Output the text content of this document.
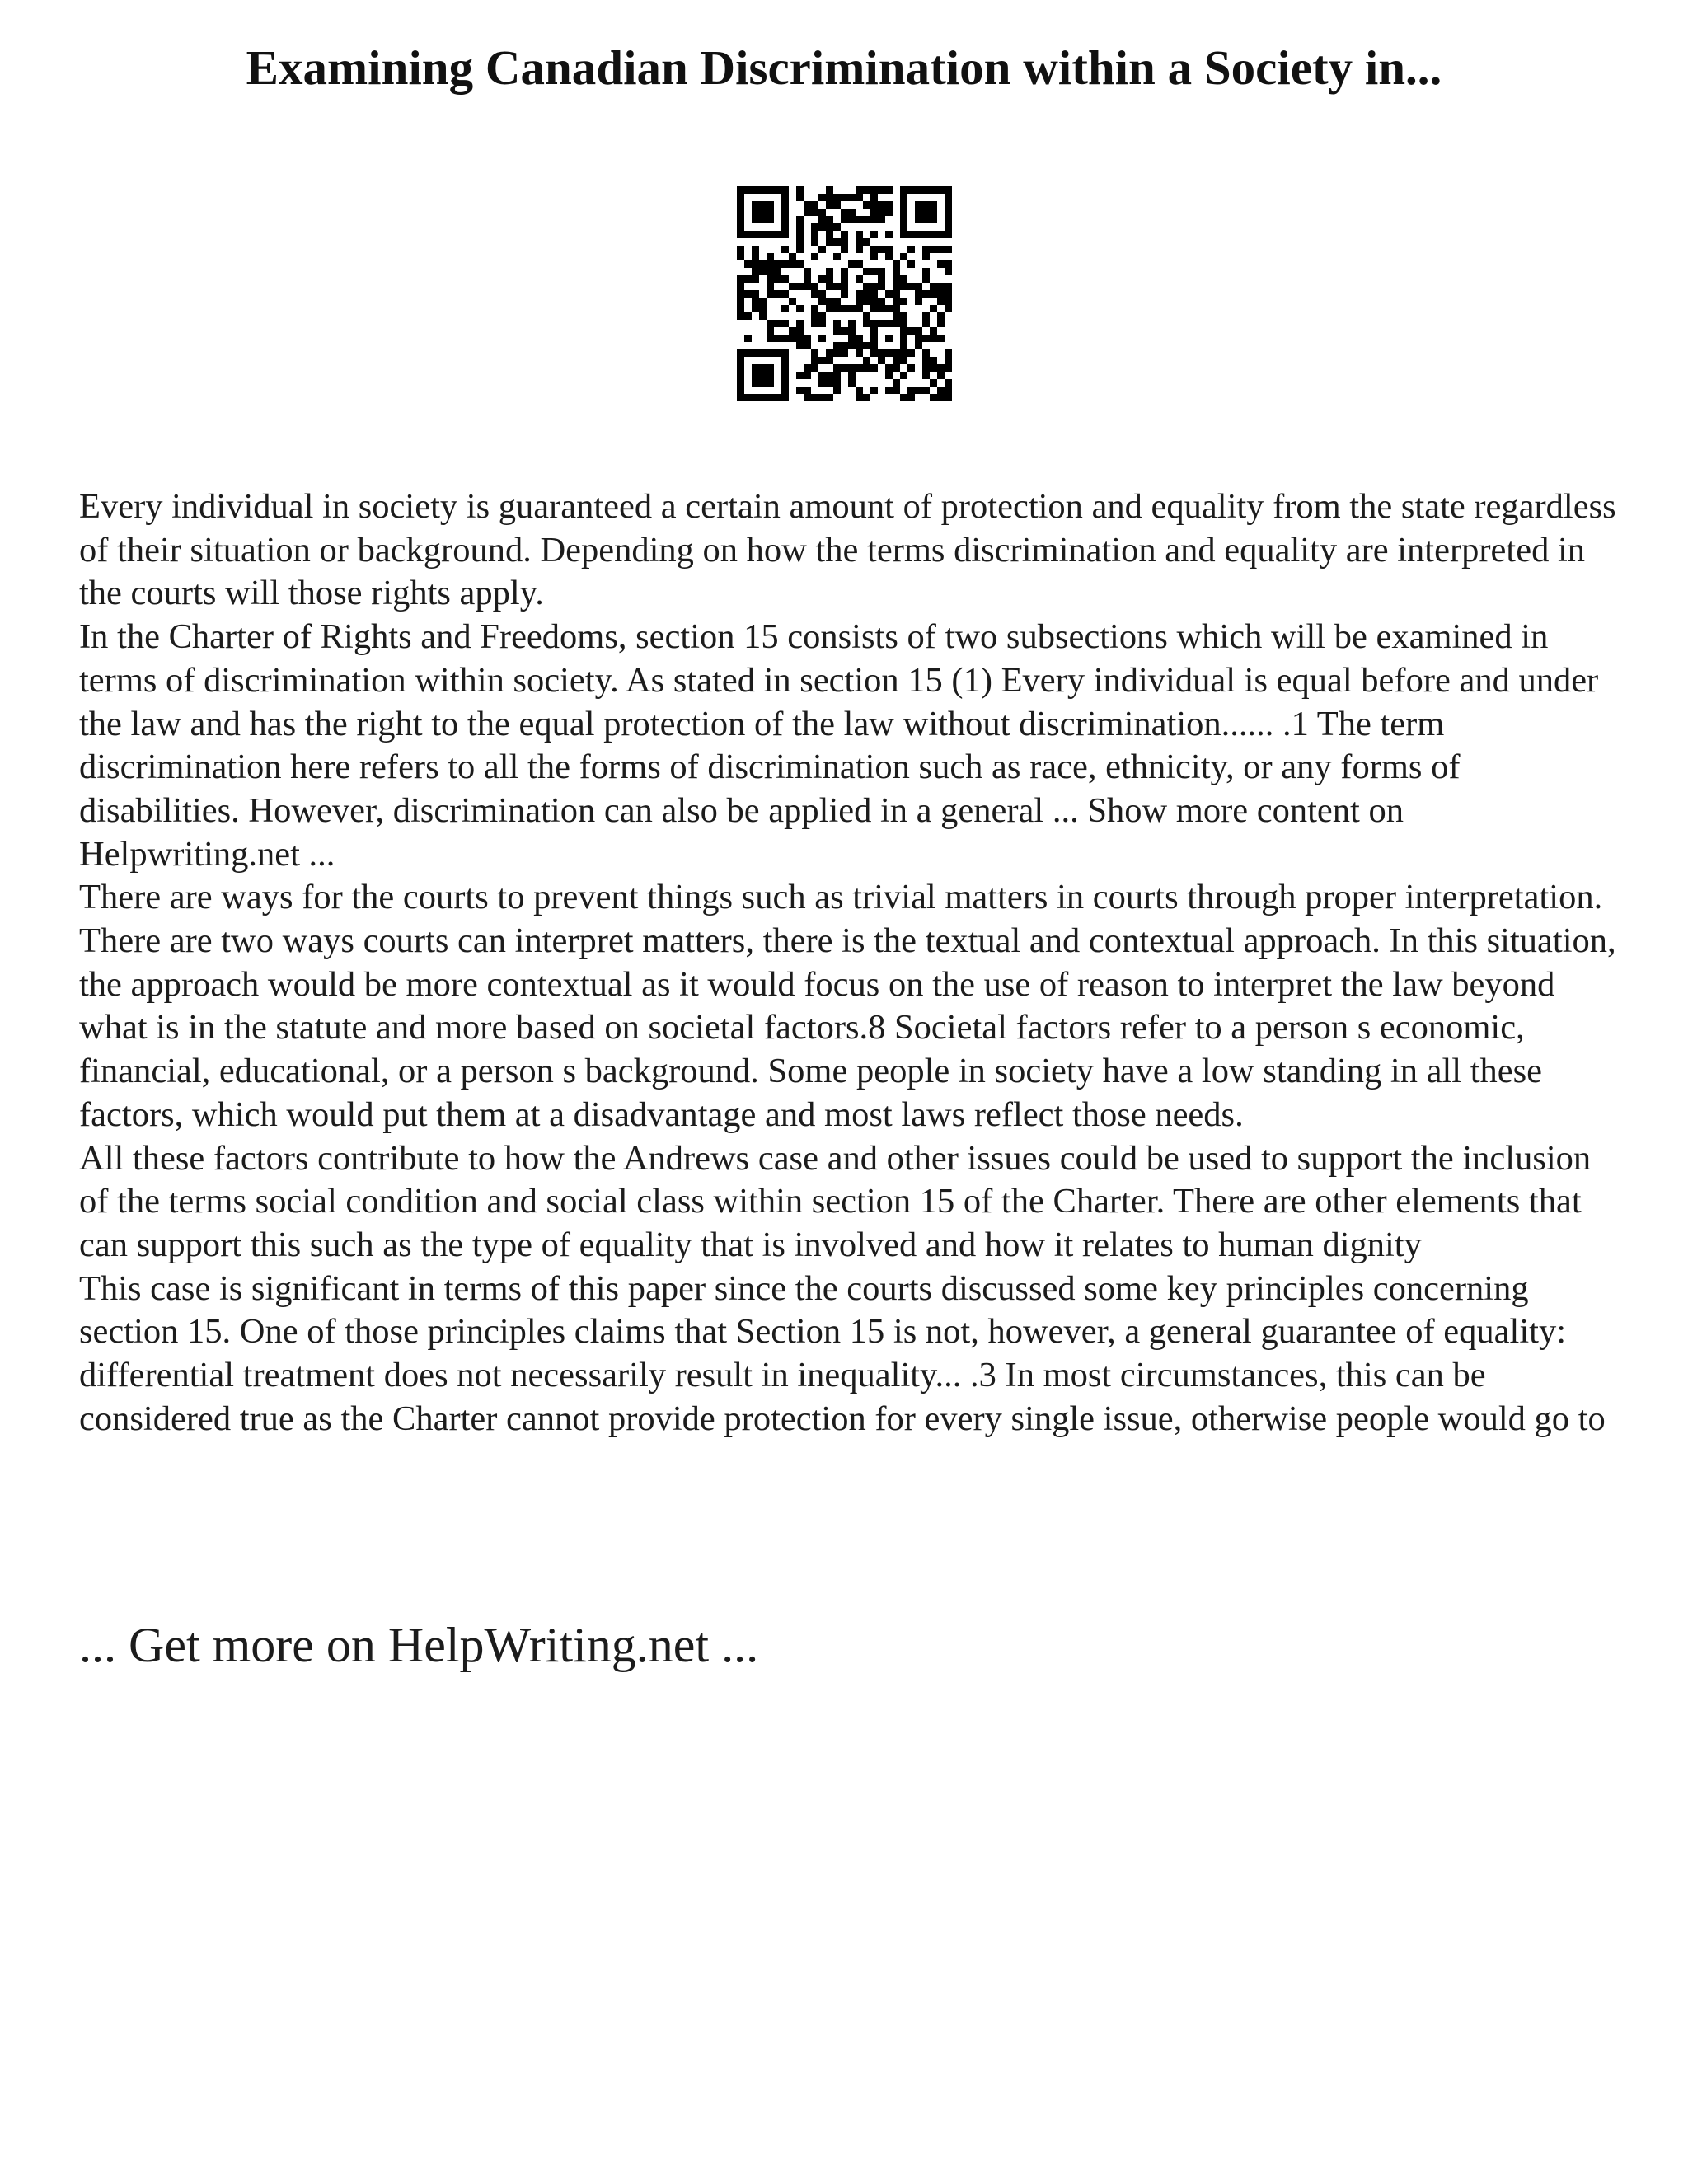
Examining Canadian Discrimination within a Society in...

Every individual in society is guaranteed a certain amount of protection and equality from the state regardless of their situation or background. Depending on how the terms discrimination and equality are interpreted in the courts will those rights apply.

In the Charter of Rights and Freedoms, section 15 consists of two subsections which will be examined in terms of discrimination within society. As stated in section 15 (1) Every individual is equal before and under the law and has the right to the equal protection of the law without discrimination...... .1 The term discrimination here refers to all the forms of discrimination such as race, ethnicity, or any forms of disabilities. However, discrimination can also be applied in a general ... Show more content on Helpwriting.net ...

There are ways for the courts to prevent things such as trivial matters in courts through proper interpretation. There are two ways courts can interpret matters, there is the textual and contextual approach. In this situation, the approach would be more contextual as it would focus on the use of reason to interpret the law beyond what is in the statute and more based on societal factors.8 Societal factors refer to a person s economic, financial, educational, or a person s background. Some people in society have a low standing in all these factors, which would put them at a disadvantage and most laws reflect those needs.

All these factors contribute to how the Andrews case and other issues could be used to support the inclusion of the terms social condition and social class within section 15 of the Charter. There are other elements that can support this such as the type of equality that is involved and how it relates to human dignity

This case is significant in terms of this paper since the courts discussed some key principles concerning section 15. One of those principles claims that Section 15 is not, however, a general guarantee of equality: differential treatment does not necessarily result in inequality... .3 In most circumstances, this can be considered true as the Charter cannot provide protection for every single issue, otherwise people would go to

... Get more on HelpWriting.net ...
